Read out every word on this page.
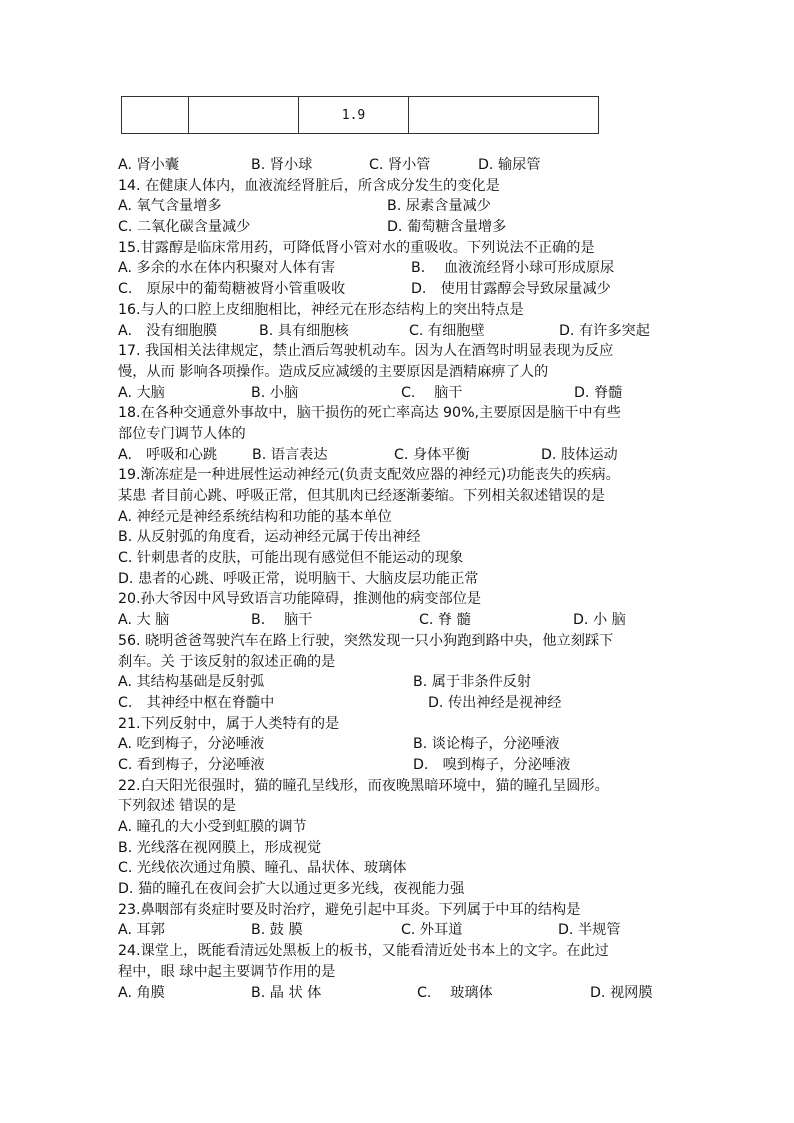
		1.9	
A. 肾小囊	B. 肾小球	C. 肾小管	D. 输尿管
14. 在健康人体内，血液流经肾脏后，所含成分发生的变化是
A. 氧气含量增多	B. 尿素含量减少
C. 二氧化碳含量减少	D. 葡萄糖含量增多
15.甘露醇是临床常用药，可降低肾小管对水的重吸收。下列说法不正确的是
A. 多余的水在体内积聚对人体有害	B.　 血液流经肾小球可形成原尿
C.　原尿中的葡萄糖被肾小管重吸收	D.　使用甘露醇会导致尿量减少
16.与人的口腔上皮细胞相比，神经元在形态结构上的突出特点是
A.　没有细胞膜	B. 具有细胞核	C. 有细胞壁	D. 有许多突起
17. 我国相关法律规定，禁止酒后驾驶机动车。因为人在酒驾时明显表现为反应
慢，从而 影响各项操作。造成反应减缓的主要原因是酒精麻痹了人的
A. 大脑	B. 小脑	C.　 脑干	D. 脊髓
18.在各种交通意外事故中，脑干损伤的死亡率高达 90%,主要原因是脑干中有些
部位专门调节人体的
A.　呼吸和心跳 B. 语言表达	C. 身体平衡	D. 肢体运动
19.渐冻症是一种进展性运动神经元(负责支配效应器的神经元)功能丧失的疾病。
某患 者目前心跳、呼吸正常，但其肌肉已经逐渐萎缩。下列相关叙述错误的是
A. 神经元是神经系统结构和功能的基本单位
B. 从反射弧的角度看，运动神经元属于传出神经
C. 针刺患者的皮肤，可能出现有感觉但不能运动的现象
D. 患者的心跳、呼吸正常，说明脑干、大脑皮层功能正常
20.孙大爷因中风导致语言功能障碍，推测他的病变部位是
A. 大 脑	B.　 脑干	C. 脊 髓	D. 小 脑
56. 晓明爸爸驾驶汽车在路上行驶，突然发现一只小狗跑到路中央，他立刻踩下
刹车。关 于该反射的叙述正确的是
A. 其结构基础是反射弧	B. 属于非条件反射
C.　其神经中枢在脊髓中	D. 传出神经是视神经
21.下列反射中，属于人类特有的是
A. 吃到梅子，分泌唾液	B. 谈论梅子，分泌唾液
C. 看到梅子，分泌唾液	D.　嗅到梅子，分泌唾液
22.白天阳光很强时，猫的瞳孔呈线形，而夜晚黑暗环境中，猫的瞳孔呈圆形。
下列叙述 错误的是
A. 瞳孔的大小受到虹膜的调节
B. 光线落在视网膜上，形成视觉
C. 光线依次通过角膜、瞳孔、晶状体、玻璃体
D. 猫的瞳孔在夜间会扩大以通过更多光线，夜视能力强
23.鼻咽部有炎症时要及时治疗，避免引起中耳炎。下列属于中耳的结构是
A. 耳郭	B. 鼓 膜	C. 外耳道	D. 半规管
24.课堂上，既能看清远处黑板上的板书，又能看清近处书本上的文字。在此过
程中，眼 球中起主要调节作用的是
A. 角膜	B. 晶 状 体	C.　 玻璃体	D. 视网膜
